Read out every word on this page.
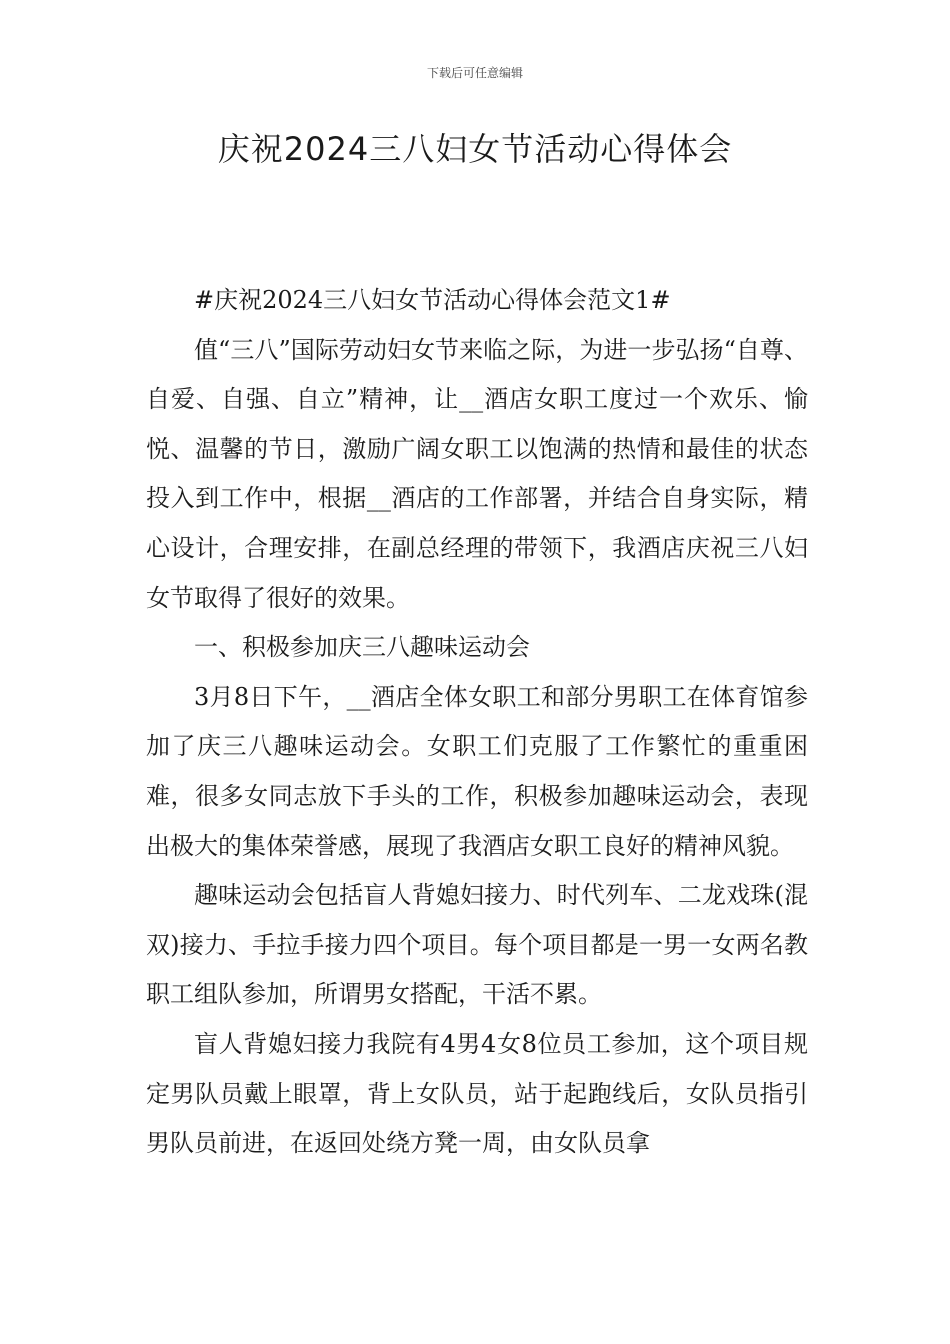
下载后可任意编辑
庆祝2024三八妇女节活动心得体会

#庆祝2024三八妇女节活动心得体会范文1#

值“三八”国际劳动妇女节来临之际，为进一步弘扬“自尊、自爱、自强、自立”精神，让__酒店女职工度过一个欢乐、愉悦、温馨的节日，激励广阔女职工以饱满的热情和最佳的状态投入到工作中，根据__酒店的工作部署，并结合自身实际，精心设计，合理安排，在副总经理的带领下，我酒店庆祝三八妇女节取得了很好的效果。

一、积极参加庆三八趣味运动会

3月8日下午，__酒店全体女职工和部分男职工在体育馆参加了庆三八趣味运动会。女职工们克服了工作繁忙的重重困难，很多女同志放下手头的工作，积极参加趣味运动会，表现出极大的集体荣誉感，展现了我酒店女职工良好的精神风貌。

趣味运动会包括盲人背媳妇接力、时代列车、二龙戏珠(混双)接力、手拉手接力四个项目。每个项目都是一男一女两名教职工组队参加，所谓男女搭配，干活不累。

盲人背媳妇接力我院有4男4女8位员工参加，这个项目规定男队员戴上眼罩，背上女队员，站于起跑线后，女队员指引男队员前进，在返回处绕方凳一周，由女队员拿
